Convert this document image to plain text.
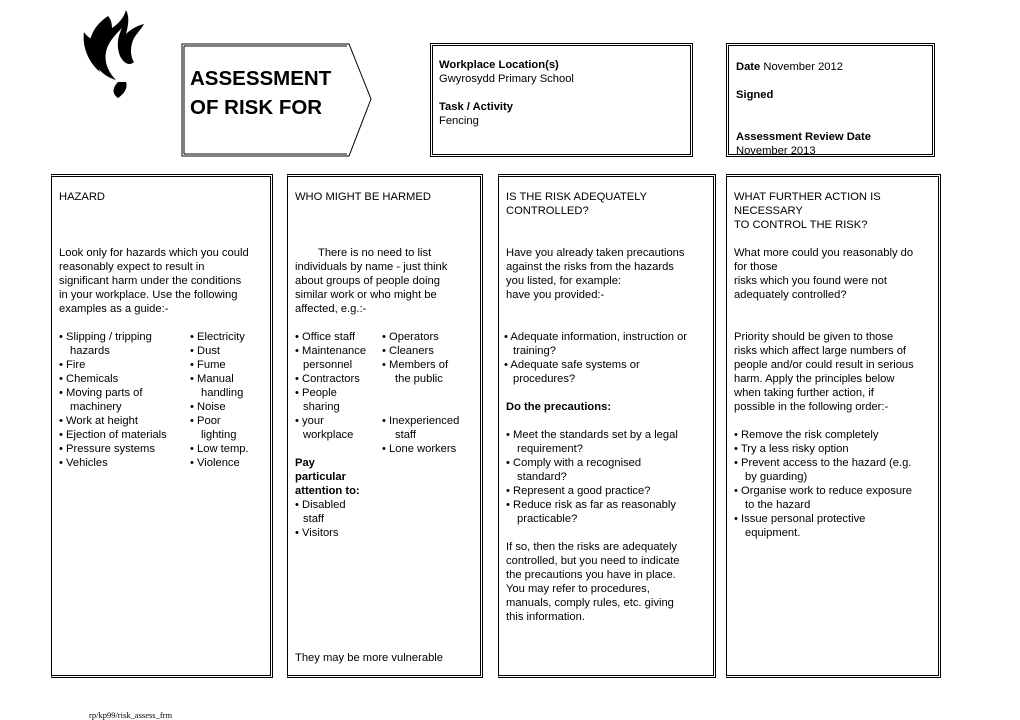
ASSESSMENT
OF RISK FOR
Workplace Location(s)
Gwyrosydd Primary School
Task / Activity
Fencing
Date November 2012
Signed
Assessment Review Date
November 2013
HAZARD
Look only for hazards which you could
reasonably expect to result in
significant harm under the conditions
in your workplace. Use the following
examples as a guide:-
• Slipping / tripping
hazards
• Fire
• Chemicals
• Moving parts of
machinery
• Work at height
• Ejection of materials
• Pressure systems
• Vehicles
• Electricity
• Dust
• Fume
• Manual
handling
• Noise
• Poor
lighting
• Low temp.
• Violence
WHO MIGHT BE HARMED
There is no need to list
individuals by name - just think
about groups of people doing
similar work or who might be
affected, e.g.:-
• Office staff
• Maintenance
personnel
• Contractors
• People
sharing
• your
workplace
• Operators
• Cleaners
• Members of
the public
• Inexperienced
staff
• Lone workers
Pay
particular
attention to:
• Disabled
staff
• Visitors
They may be more vulnerable
IS THE RISK ADEQUATELY
CONTROLLED?
Have you already taken precautions
against the risks from the hazards
you listed, for example:
have you provided:-
• Adequate information, instruction or
training?
• Adequate safe systems or
procedures?
Do the precautions:
• Meet the standards set by a legal
requirement?
• Comply with a recognised
standard?
• Represent a good practice?
• Reduce risk as far as reasonably
practicable?
If so, then the risks are adequately
controlled, but you need to indicate
the precautions you have in place.
You may refer to procedures,
manuals, comply rules, etc. giving
this information.
WHAT FURTHER ACTION IS
NECESSARY
TO CONTROL THE RISK?
What more could you reasonably do
for those
risks which you found were not
adequately controlled?
Priority should be given to those
risks which affect large numbers of
people and/or could result in serious
harm. Apply the principles below
when taking further action, if
possible in the following order:-
• Remove the risk completely
• Try a less risky option
• Prevent access to the hazard (e.g.
by guarding)
• Organise work to reduce exposure
to the hazard
• Issue personal protective
equipment.
rp/kp99/risk_assess_frm
